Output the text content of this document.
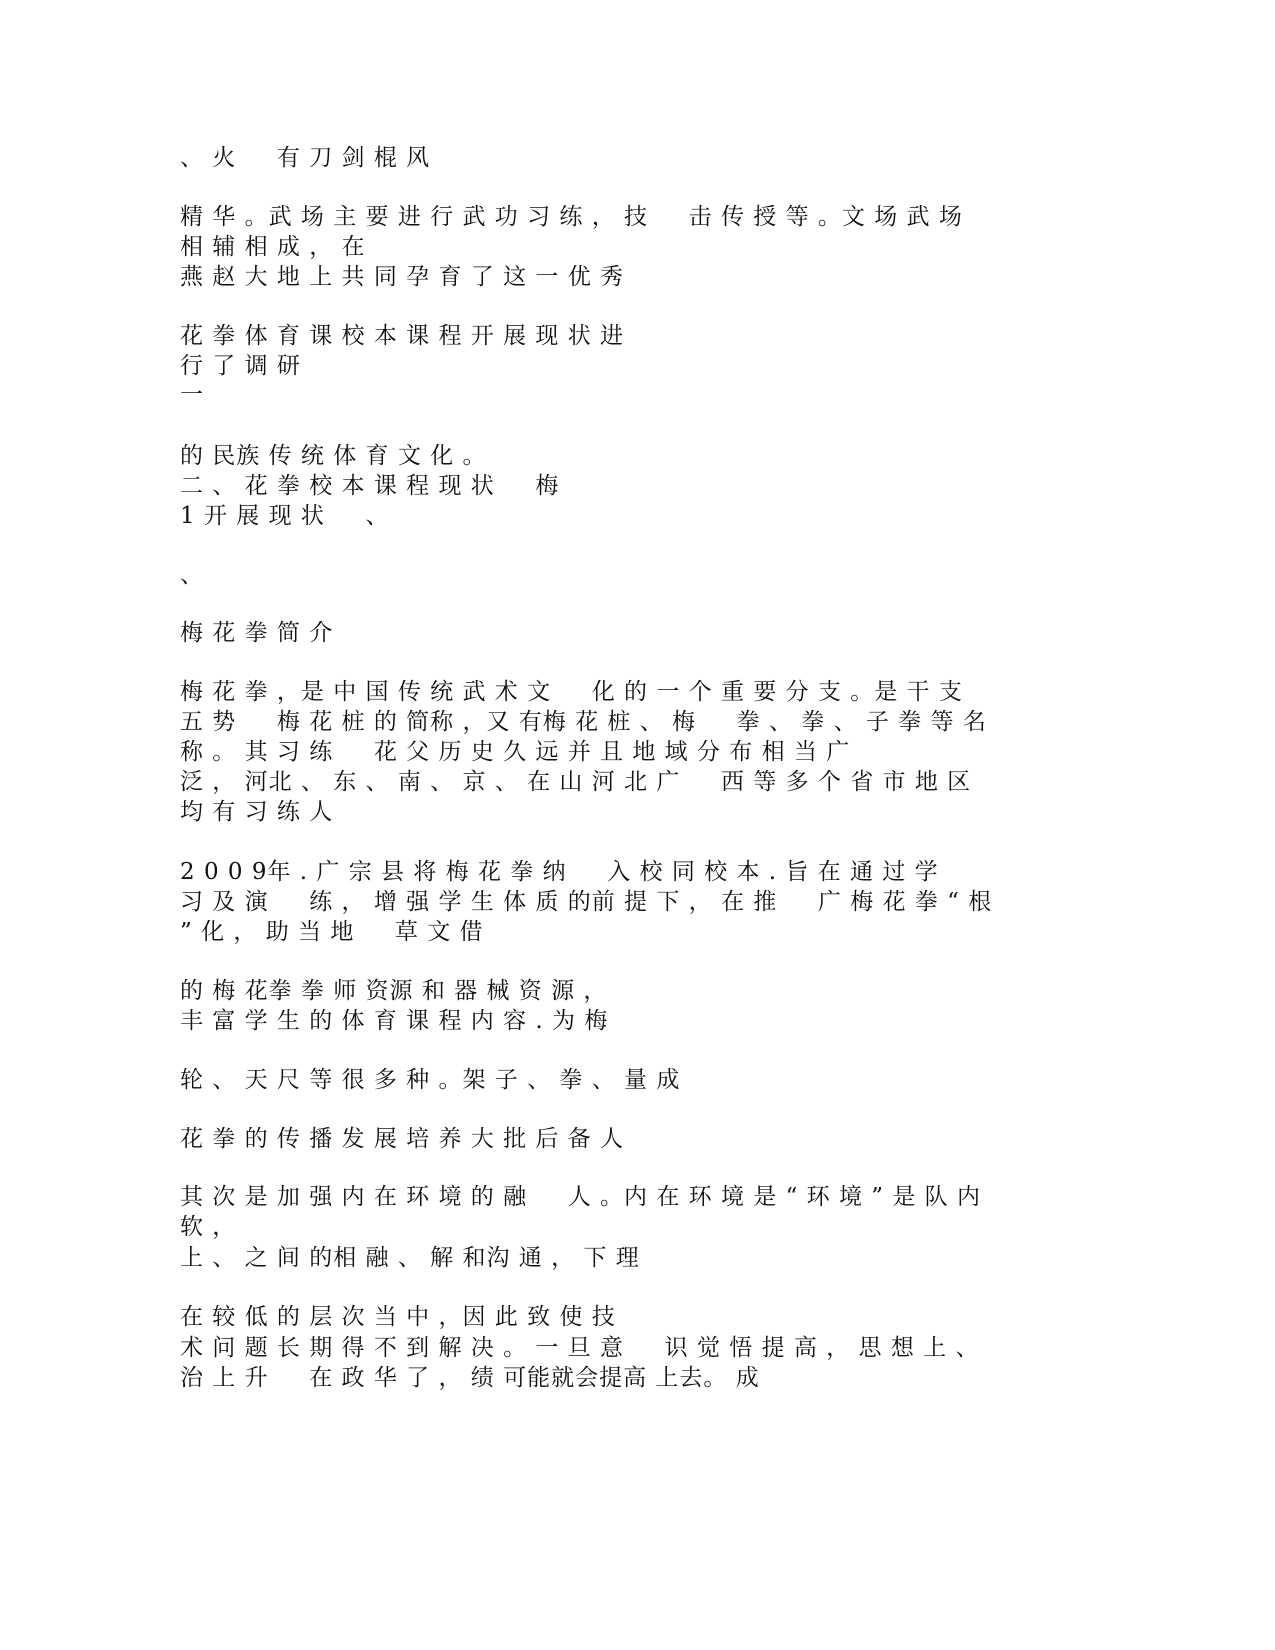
、 火 　 有 刀 剑 棍 风
精 华 。武 场 主 要 进 行 武 功 习 练 ， 技 　 击 传 授 等 。文 场 武 场
相 辅 相 成 ， 在
燕 赵 大 地 上 共 同 孕 育 了 这 一 优 秀
花 拳 体 育 课 校 本 课 程 开 展 现 状 进
行 了 调 研
一
的 民族 传 统 体 育 文 化 。
二 、 花 拳 校 本 课 程 现 状 　 梅
1 开 展 现 状 　 、
、
梅 花 拳 简 介
梅 花 拳 ，是 中 国 传 统 武 术 文 　 化 的 一 个 重 要 分 支 。是 干 支
五 势 　 梅 花 桩 的 简称 ，又 有梅 花 桩 、 梅 　 拳 、 拳 、 子 拳 等 名
称 。 其 习 练 　 花 父 历 史 久 远 并 且 地 域 分 布 相 当 广
泛 ， 河北 、 东 、 南 、 京 、 在 山 河 北 广 　 西 等 多 个 省 市 地 区
均 有 习 练 人
2 0 0 9年 . 广 宗 县 将 梅 花 拳 纳 　 入 校 同 校 本 . 旨 在 通 过 学
习 及 演 　 练 ， 增 强 学 生 体 质 的前 提 下 ， 在 推 　 广 梅 花 拳 “ 根
” 化 ， 助 当 地 　 草 文 借
的 梅 花拳 拳 师 资源 和 器 械 资 源 ，
丰 富 学 生 的 体 育 课 程 内 容 . 为 梅
轮 、 天 尺 等 很 多 种 。架 子 、 拳 、 量 成
花 拳 的 传 播 发 展 培 养 大 批 后 备 人
其 次 是 加 强 内 在 环 境 的 融 　 人 。内 在 环 境 是 “ 环 境 ” 是 队 内
软 ，
上 、 之 间 的相 融 、 解 和沟 通 ， 下 理
在 较 低 的 层 次 当 中 ，因 此 致 使 技
术 问 题 长 期 得 不 到 解 决 。 一 旦 意 　 识 觉 悟 提 高 ， 思 想 上 、
治 上 升 　 在 政 华 了 ， 绩 可能就会提高 上去。 成
